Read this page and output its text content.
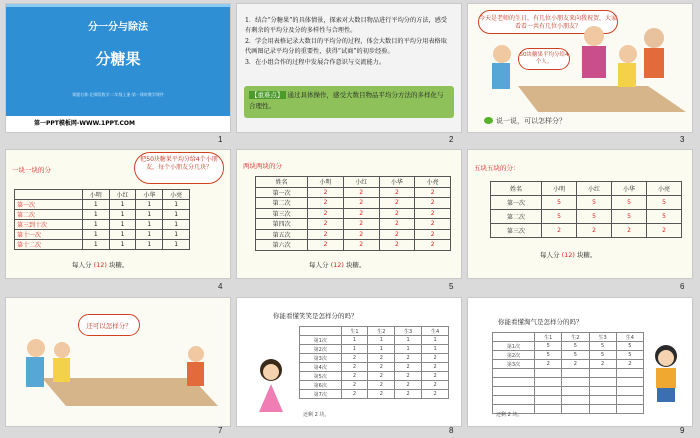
分一分与除法
分糖果
课题名称·北师版数学·二年级上册·第一课时教学课件
第一PPT模板网-WWW.1PPT.COM
1
1．结合“分糖果”的具体情景，探索对大数目物品进行平均分的方法，感受有剩余的平均分及分的多样性与合理性。
2．学会用表格记录大数目的平均分的过程，体会大数目的平均分用表格取代画图记录平均分的重要性，获得“试商”的初步经验。
3．在小组合作的过程中发展合作意识与交流能力。
【重难点】 通过具体操作，感受大数目物品平均分方法的多样化与合理性。
2
今天是老师的生日，有几位小朋友来向我祝贺，大家看看一共有几位小朋友？
50块糖果平均分给4个人。
说一说，可以怎样分？
3
一块一块的分
把50块糖果平均分给4个小朋友，每个小朋友分几块？
	小明	小红	小华	小亮
第一次	1	1	1	1
第二次	1	1	1	1
第三到十次	1	1	1	1
第十一次	1	1	1	1
第十二次	1	1	1	1
每人分 (12) 块糖。
4
两块两块的分
姓名	小明	小红	小华	小亮
第一次	2	2	2	2
第二次	2	2	2	2
第三次	2	2	2	2
第四次	2	2	2	2
第五次	2	2	2	2
第六次	2	2	2	2
每人分 (12) 块糖。
5
五块五块的分：
姓名	小明	小红	小华	小亮
第一次	5	5	5	5
第二次	5	5	5	5
第三次	2	2	2	2
每人分 (12) 块糖。
6
还可以怎样分？
7
你能看懂笑笑是怎样分的吗？
	生1	生2	生3	生4
第1次	1	1	1	1
第2次	1	1	1	1
第3次	2	2	2	2
第4次	2	2	2	2
第5次	2	2	2	2
第6次	2	2	2	2
第7次	2	2	2	2
还剩 2 块。
8
你能看懂淘气是怎样分的吗？
	生1	生2	生3	生4
第1次	5	5	5	5
第2次	5	5	5	5
第3次	2	2	2	2

还剩 2 块。
9
